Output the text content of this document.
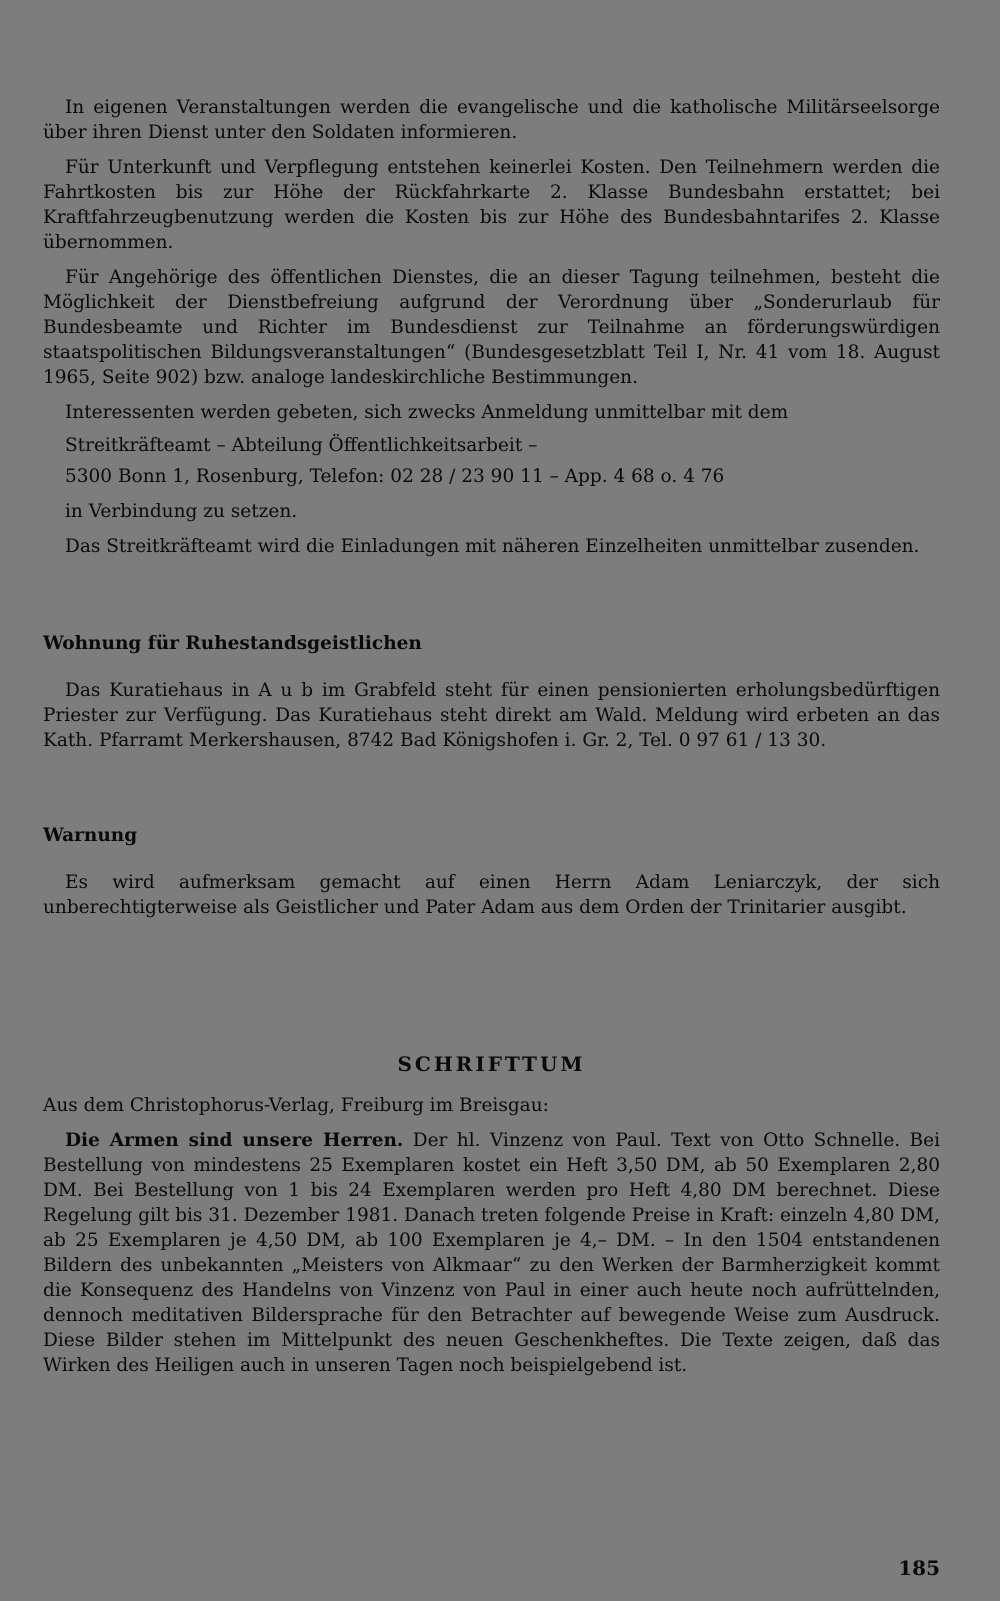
In eigenen Veranstaltungen werden die evangelische und die katholische Militärseelsorge über ihren Dienst unter den Soldaten informieren.

Für Unterkunft und Verpflegung entstehen keinerlei Kosten. Den Teilnehmern werden die Fahrtkosten bis zur Höhe der Rückfahrkarte 2. Klasse Bundesbahn erstattet; bei Kraftfahrzeugbenutzung werden die Kosten bis zur Höhe des Bundesbahntarifes 2. Klasse übernommen.

Für Angehörige des öffentlichen Dienstes, die an dieser Tagung teilnehmen, besteht die Möglichkeit der Dienstbefreiung aufgrund der Verordnung über „Sonderurlaub für Bundesbeamte und Richter im Bundesdienst zur Teilnahme an förderungswürdigen staatspolitischen Bildungsveranstaltungen“ (Bundesgesetzblatt Teil I, Nr. 41 vom 18. August 1965, Seite 902) bzw. analoge landeskirchliche Bestimmungen.

Interessenten werden gebeten, sich zwecks Anmeldung unmittelbar mit dem

Streitkräfteamt – Abteilung Öffentlichkeitsarbeit –

5300 Bonn 1, Rosenburg, Telefon: 02 28 / 23 90 11 – App. 4 68 o. 4 76

in Verbindung zu setzen.

Das Streitkräfteamt wird die Einladungen mit näheren Einzelheiten unmittelbar zusenden.

Wohnung für Ruhestandsgeistlichen

Das Kuratiehaus in A u b im Grabfeld steht für einen pensionierten erholungsbedürftigen Priester zur Verfügung. Das Kuratiehaus steht direkt am Wald. Meldung wird erbeten an das Kath. Pfarramt Merkershausen, 8742 Bad Königshofen i. Gr. 2, Tel. 0 97 61 / 13 30.

Warnung

Es wird aufmerksam gemacht auf einen Herrn Adam Leniarczyk, der sich unberechtigterweise als Geistlicher und Pater Adam aus dem Orden der Trinitarier ausgibt.

SCHRIFTTUM

Aus dem Christophorus-Verlag, Freiburg im Breisgau:

Die Armen sind unsere Herren. Der hl. Vinzenz von Paul. Text von Otto Schnelle. Bei Bestellung von mindestens 25 Exemplaren kostet ein Heft 3,50 DM, ab 50 Exemplaren 2,80 DM. Bei Bestellung von 1 bis 24 Exemplaren werden pro Heft 4,80 DM berechnet. Diese Regelung gilt bis 31. Dezember 1981. Danach treten folgende Preise in Kraft: einzeln 4,80 DM, ab 25 Exemplaren je 4,50 DM, ab 100 Exemplaren je 4,– DM. – In den 1504 entstandenen Bildern des unbekannten „Meisters von Alkmaar“ zu den Werken der Barmherzigkeit kommt die Konsequenz des Handelns von Vinzenz von Paul in einer auch heute noch aufrüttelnden, dennoch meditativen Bildersprache für den Betrachter auf bewegende Weise zum Ausdruck. Diese Bilder stehen im Mittelpunkt des neuen Geschenkheftes. Die Texte zeigen, daß das Wirken des Heiligen auch in unseren Tagen noch beispielgebend ist.

185
